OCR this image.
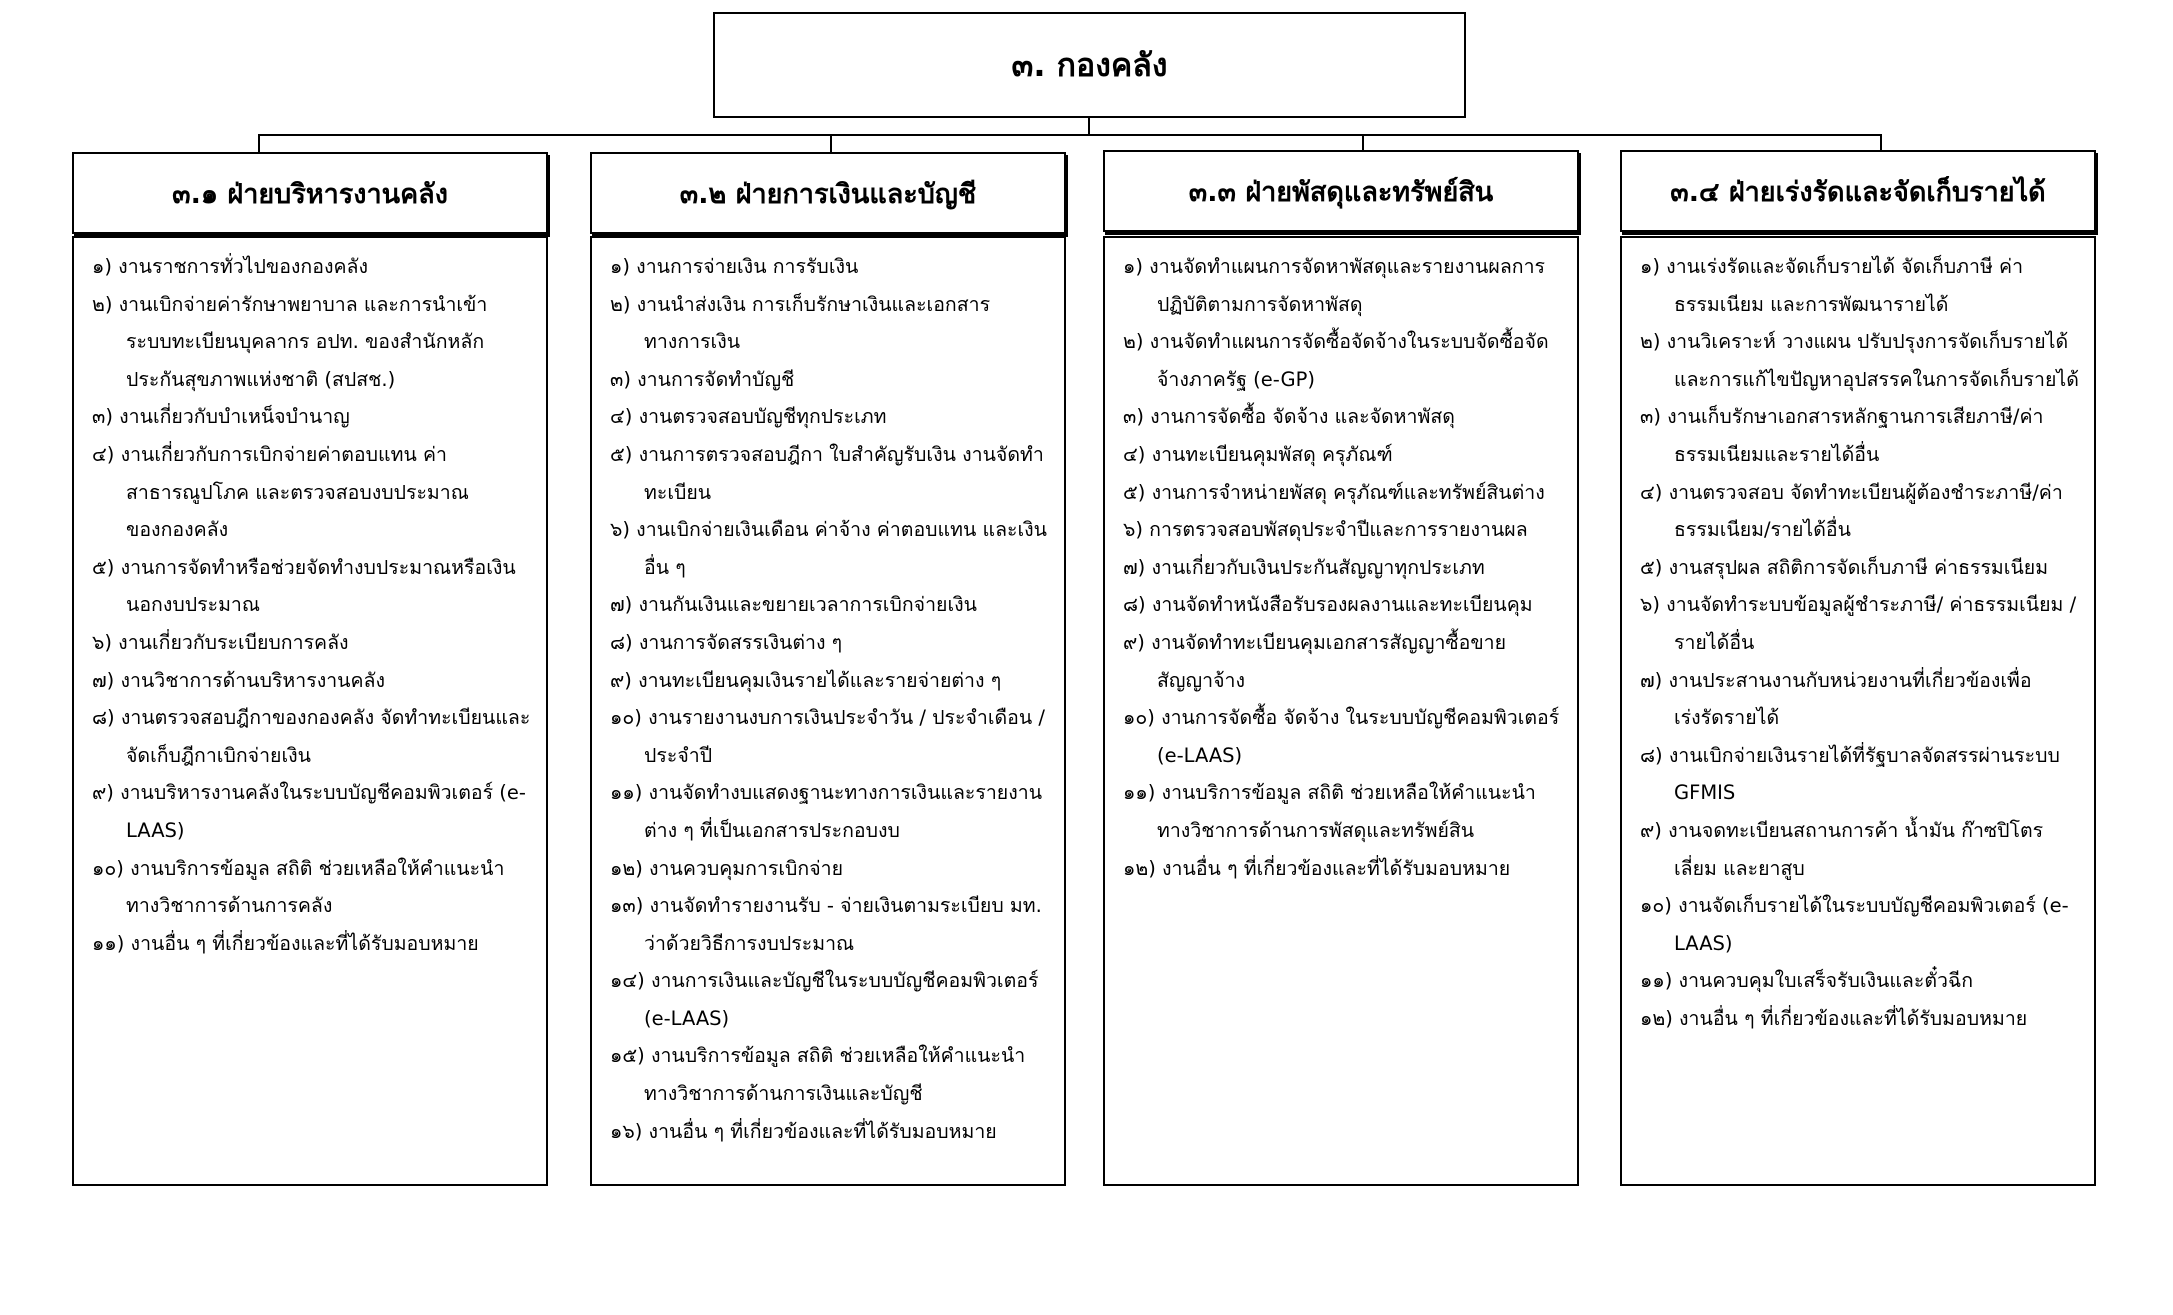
๓. กองคลัง
๓.๑ ฝ่ายบริหารงานคลัง	๓.๒ ฝ่ายการเงินและบัญชี	๓.๓ ฝ่ายพัสดุและทรัพย์สิน	๓.๔ ฝ่ายเร่งรัดและจัดเก็บรายได้
๑) งานราชการทั่วไปของกองคลัง
๒) งานเบิกจ่ายค่ารักษาพยาบาล และการนำเข้าระบบทะเบียนบุคลากร อปท. ของสำนักหลักประกันสุขภาพแห่งชาติ (สปสช.)
๓) งานเกี่ยวกับบำเหน็จบำนาญ
๔) งานเกี่ยวกับการเบิกจ่ายค่าตอบแทน ค่าสาธารณูปโภค และตรวจสอบงบประมาณของกองคลัง
๕) งานการจัดทำหรือช่วยจัดทำงบประมาณหรือเงินนอกงบประมาณ
๖) งานเกี่ยวกับระเบียบการคลัง
๗) งานวิชาการด้านบริหารงานคลัง
๘) งานตรวจสอบฎีกาของกองคลัง จัดทำทะเบียนและจัดเก็บฎีกาเบิกจ่ายเงิน
๙) งานบริหารงานคลังในระบบบัญชีคอมพิวเตอร์ (e-LAAS)
๑๐) งานบริการข้อมูล สถิติ ช่วยเหลือให้คำแนะนำทางวิชาการด้านการคลัง
๑๑) งานอื่น ๆ ที่เกี่ยวข้องและที่ได้รับมอบหมาย
๑) งานการจ่ายเงิน การรับเงิน
๒) งานนำส่งเงิน การเก็บรักษาเงินและเอกสารทางการเงิน
๓) งานการจัดทำบัญชี
๔) งานตรวจสอบบัญชีทุกประเภท
๕) งานการตรวจสอบฎีกา ใบสำคัญรับเงิน งานจัดทำทะเบียน
๖) งานเบิกจ่ายเงินเดือน ค่าจ้าง ค่าตอบแทน และเงินอื่น ๆ
๗) งานกันเงินและขยายเวลาการเบิกจ่ายเงิน
๘) งานการจัดสรรเงินต่าง ๆ
๙) งานทะเบียนคุมเงินรายได้และรายจ่ายต่าง ๆ
๑๐) งานรายงานงบการเงินประจำวัน / ประจำเดือน / ประจำปี
๑๑) งานจัดทำงบแสดงฐานะทางการเงินและรายงานต่าง ๆ ที่เป็นเอกสารประกอบงบ
๑๒) งานควบคุมการเบิกจ่าย
๑๓) งานจัดทำรายงานรับ - จ่ายเงินตามระเบียบ มท. ว่าด้วยวิธีการงบประมาณ
๑๔) งานการเงินและบัญชีในระบบบัญชีคอมพิวเตอร์ (e-LAAS)
๑๕) งานบริการข้อมูล สถิติ ช่วยเหลือให้คำแนะนำทางวิชาการด้านการเงินและบัญชี
๑๖) งานอื่น ๆ ที่เกี่ยวข้องและที่ได้รับมอบหมาย
๑) งานจัดทำแผนการจัดหาพัสดุและรายงานผลการปฏิบัติตามการจัดหาพัสดุ
๒) งานจัดทำแผนการจัดซื้อจัดจ้างในระบบจัดซื้อจัดจ้างภาครัฐ (e-GP)
๓) งานการจัดซื้อ จัดจ้าง และจัดหาพัสดุ
๔) งานทะเบียนคุมพัสดุ ครุภัณฑ์
๕) งานการจำหน่ายพัสดุ ครุภัณฑ์และทรัพย์สินต่าง
๖) การตรวจสอบพัสดุประจำปีและการรายงานผล
๗) งานเกี่ยวกับเงินประกันสัญญาทุกประเภท
๘) งานจัดทำหนังสือรับรองผลงานและทะเบียนคุม
๙) งานจัดทำทะเบียนคุมเอกสารสัญญาซื้อขาย สัญญาจ้าง
๑๐) งานการจัดซื้อ จัดจ้าง ในระบบบัญชีคอมพิวเตอร์ (e-LAAS)
๑๑) งานบริการข้อมูล สถิติ ช่วยเหลือให้คำแนะนำทางวิชาการด้านการพัสดุและทรัพย์สิน
๑๒) งานอื่น ๆ ที่เกี่ยวข้องและที่ได้รับมอบหมาย
๑) งานเร่งรัดและจัดเก็บรายได้ จัดเก็บภาษี ค่าธรรมเนียม และการพัฒนารายได้
๒) งานวิเคราะห์ วางแผน ปรับปรุงการจัดเก็บรายได้ และการแก้ไขปัญหาอุปสรรคในการจัดเก็บรายได้
๓) งานเก็บรักษาเอกสารหลักฐานการเสียภาษี/ค่าธรรมเนียมและรายได้อื่น
๔) งานตรวจสอบ จัดทำทะเบียนผู้ต้องชำระภาษี/ค่าธรรมเนียม/รายได้อื่น
๕) งานสรุปผล สถิติการจัดเก็บภาษี ค่าธรรมเนียม
๖) งานจัดทำระบบข้อมูลผู้ชำระภาษี/ ค่าธรรมเนียม /รายได้อื่น
๗) งานประสานงานกับหน่วยงานที่เกี่ยวข้องเพื่อเร่งรัดรายได้
๘) งานเบิกจ่ายเงินรายได้ที่รัฐบาลจัดสรรผ่านระบบ GFMIS
๙) งานจดทะเบียนสถานการค้า น้ำมัน ก๊าซปิโตรเลี่ยม และยาสูบ
๑๐) งานจัดเก็บรายได้ในระบบบัญชีคอมพิวเตอร์ (e-LAAS)
๑๑) งานควบคุมใบเสร็จรับเงินและตั๋วฉีก
๑๒) งานอื่น ๆ ที่เกี่ยวข้องและที่ได้รับมอบหมาย
